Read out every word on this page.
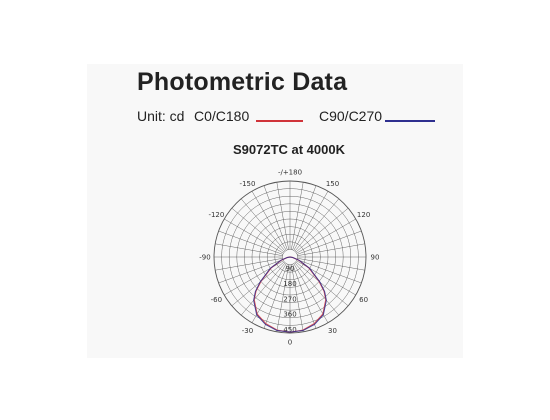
Photometric Data
Unit: cd C0/C180	C90/C270
S9072TC at 4000K
0
30
60
90
120
150
-/+180
-150
-120
-90
-60
-30
90
180
270
360
450
